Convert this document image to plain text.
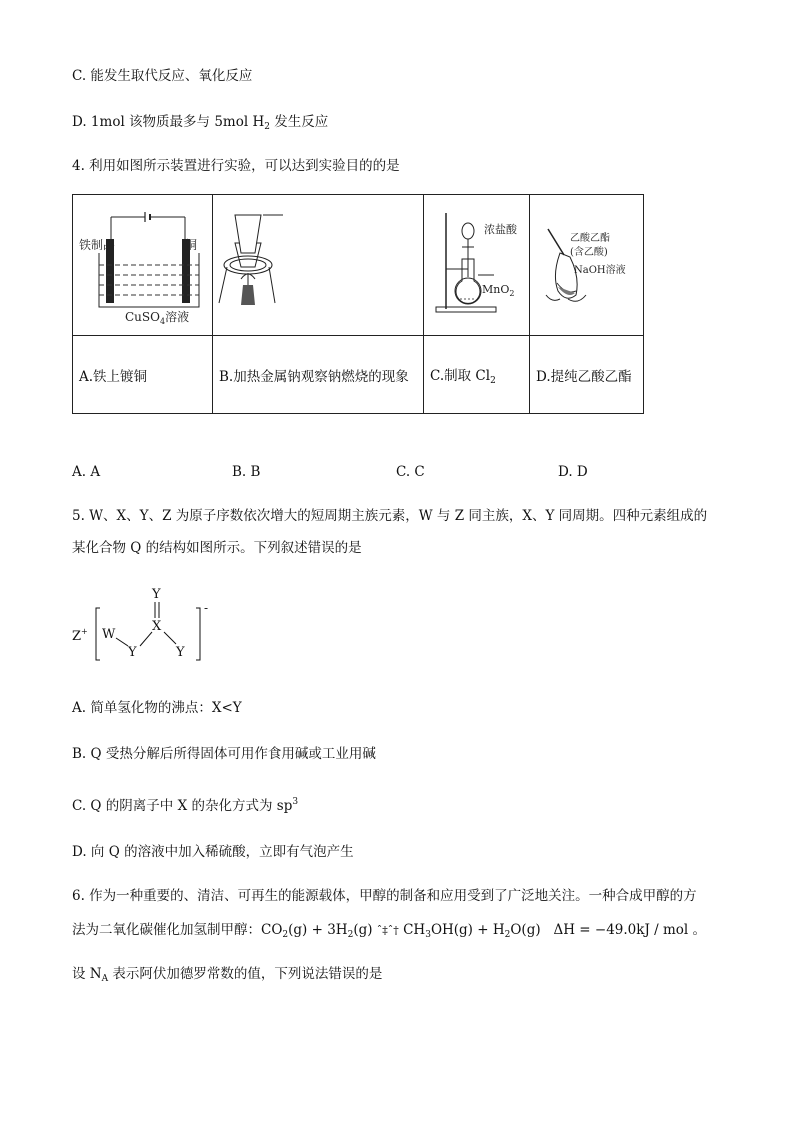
C. 能发生取代反应、氧化反应
D. 1mol 该物质最多与 5mol $H_2$ 发生反应
4. 利用如图所示装置进行实验，可以达到实验目的的是
铁制品 铜
CuSO$_4$溶液		浓盐酸
MnO$_2$	乙酸乙酯
(含乙酸)
NaOH溶液

A.铁上镀铜	B.加热金属钠观察钠燃烧的现象	C.制取 $Cl_2$	D.提纯乙酸乙酯
A. A	B. B	C. C	D. D
5. W、X、Y、Z 为原子序数依次增大的短周期主族元素，W 与 Z 同主族，X、Y 同周期。四种元素组成的
某化合物 Q 的结构如图所示。下列叙述错误的是
Z+
-
Y
X
W
Y	Y
A. 简单氢化物的沸点：X<Y
B. Q 受热分解后所得固体可用作食用碱或工业用碱
C. Q 的阴离子中 X 的杂化方式为 $sp^3$
D. 向 Q 的溶液中加入稀硫酸，立即有气泡产生
6. 作为一种重要的、清洁、可再生的能源载体，甲醇的制备和应用受到了广泛地关注。一种合成甲醇的方
法为二氧化碳催化加氢制甲醇：$CO_2(g) + 3H_2(g)$ ˆ‡ˆ† $CH_3OH(g) + H_2O(g) \Delta H = -49.0kJ$ / mol 。
设 $N_A$ 表示阿伏加德罗常数的值，下列说法错误的是
